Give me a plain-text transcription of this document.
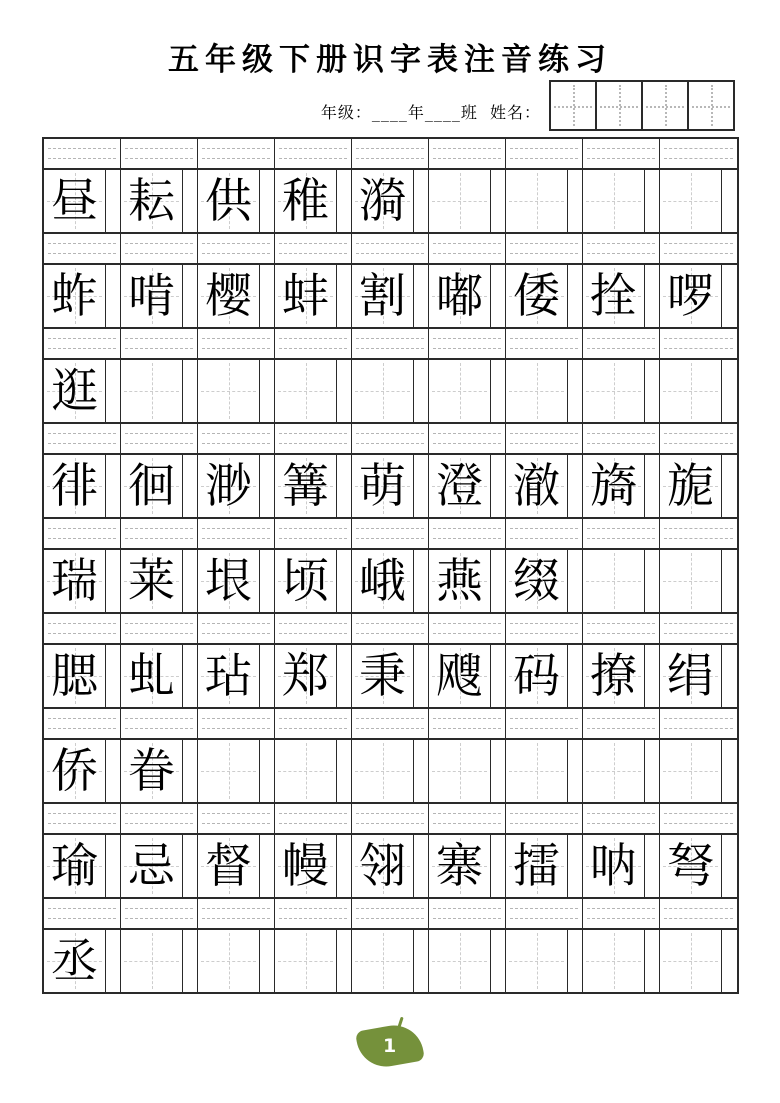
五年级下册识字表注音练习
年级：____年____班  姓名：
昼 耘 供 稚 漪
蚱 啃 樱 蚌 割 嘟 倭 拴 啰
逛
徘 徊 渺 篝 萌 澄 澈 旖 旎
瑞 莱 垠 顷 峨 燕 缀
腮 虬 玷 郑 秉 飕 码 撩 绢
侨 眷
瑜 忌 督 幔 翎 寨 擂 呐 弩
丞
1
